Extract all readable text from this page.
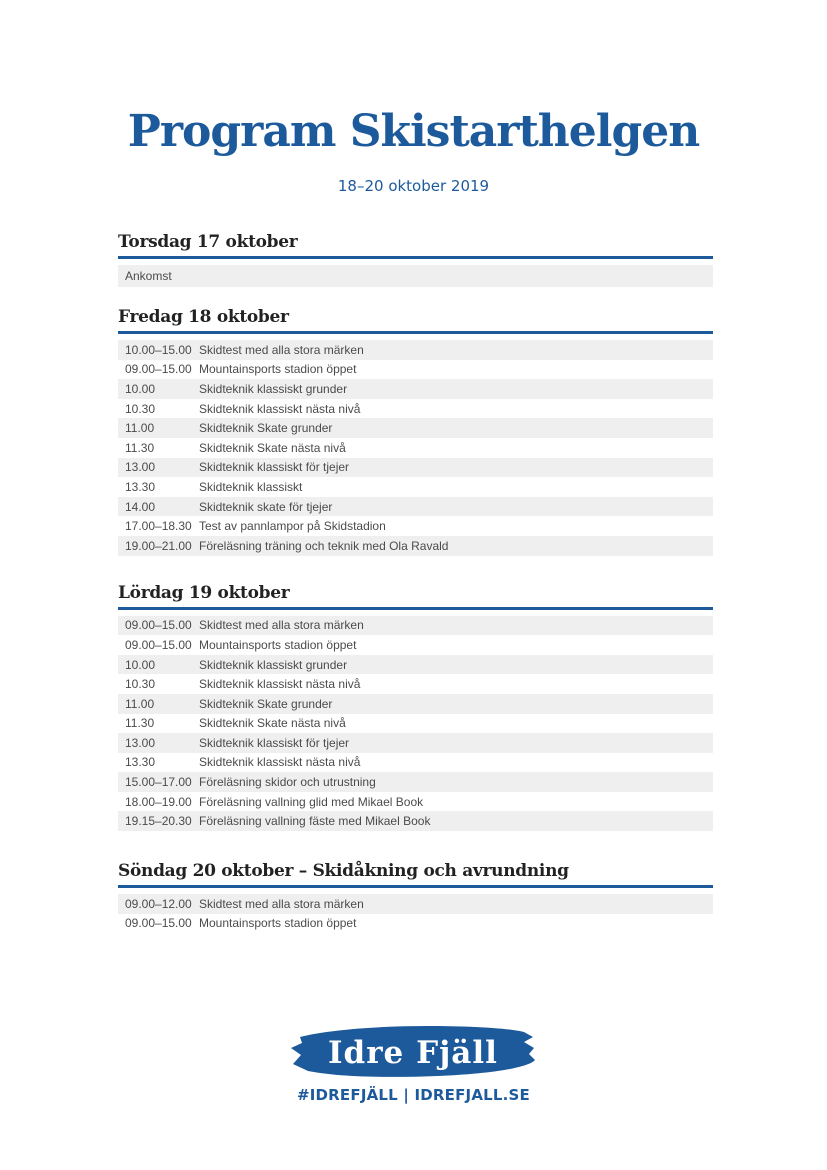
Program Skistarthelgen
18–20 oktober 2019
Torsdag 17 oktober
Ankomst
Fredag 18 oktober
10.00–15.00 Skidtest med alla stora märken
09.00–15.00 Mountainsports stadion öppet
10.00	Skidteknik klassiskt grunder
10.30	Skidteknik klassiskt nästa nivå
11.00	Skidteknik Skate grunder
11.30	Skidteknik Skate nästa nivå
13.00	Skidteknik klassiskt för tjejer
13.30	Skidteknik klassiskt
14.00	Skidteknik skate för tjejer
17.00–18.30 Test av pannlampor på Skidstadion
19.00–21.00 Föreläsning träning och teknik med Ola Ravald
Lördag 19 oktober
09.00–15.00 Skidtest med alla stora märken
09.00–15.00 Mountainsports stadion öppet
10.00	Skidteknik klassiskt grunder
10.30	Skidteknik klassiskt nästa nivå
11.00	Skidteknik Skate grunder
11.30	Skidteknik Skate nästa nivå
13.00	Skidteknik klassiskt för tjejer
13.30	Skidteknik klassiskt nästa nivå
15.00–17.00 Föreläsning skidor och utrustning
18.00–19.00 Föreläsning vallning glid med Mikael Book
19.15–20.30 Föreläsning vallning fäste med Mikael Book
Söndag 20 oktober – Skidåkning och avrundning
09.00–12.00 Skidtest med alla stora märken
09.00–15.00 Mountainsports stadion öppet
Idre Fjäll
#IDREFJÄLL | IDREFJALL.SE
